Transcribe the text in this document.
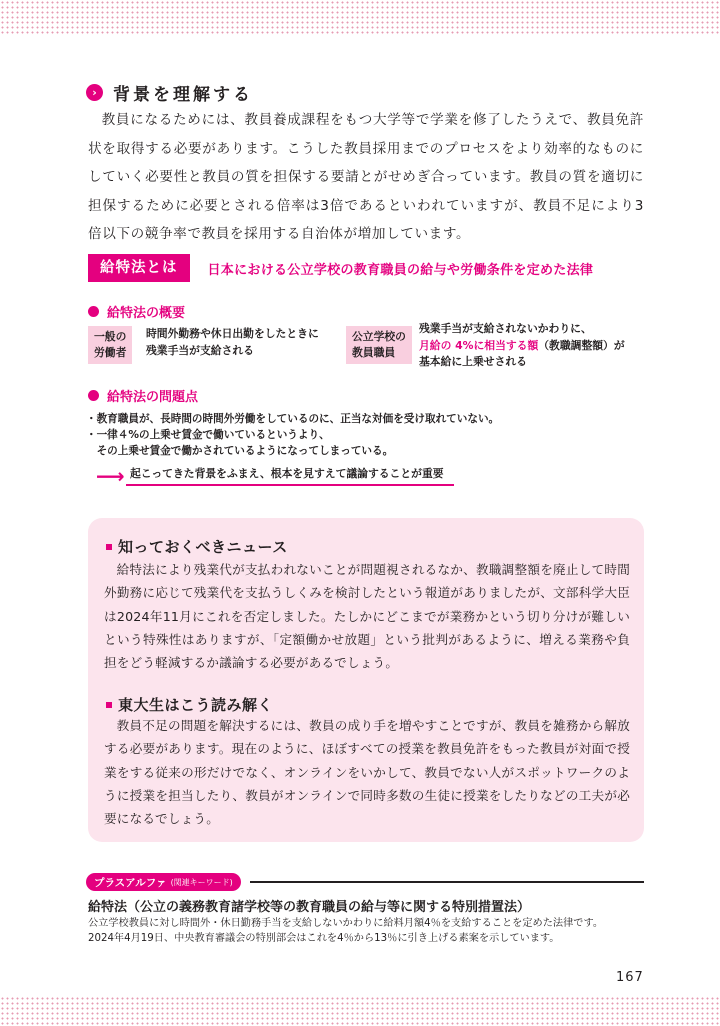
› 背景を理解する

教員になるためには、教員養成課程をもつ大学等で学業を修了したうえで、教員免許状を取得する必要があります。こうした教員採用までのプロセスをより効率的なものにしていく必要性と教員の質を担保する要請とがせめぎ合っています。教員の質を適切に担保するために必要とされる倍率は3倍であるといわれていますが、教員不足により3倍以下の競争率で教員を採用する自治体が増加しています。

給特法とは	日本における公立学校の教育職員の給与や労働条件を定めた法律
給特法の概要
一般の
労働者
時間外勤務や休日出勤をしたときに
残業手当が支給される
公立学校の
教員職員
残業手当が支給されないかわりに、
月給の 4%に相当する額（教職調整額）が
基本給に上乗せされる
給特法の問題点
・教育職員が、長時間の時間外労働をしているのに、正当な対価を受け取れていない。
・一律４%の上乗せ賃金で働いているというより、
　その上乗せ賃金で働かされているようになってしまっている。
⟶ 起こってきた背景をふまえ、根本を見すえて議論することが重要
知っておくべきニュース

給特法により残業代が支払われないことが問題視されるなか、教職調整額を廃止して時間外勤務に応じて残業代を支払うしくみを検討したという報道がありましたが、文部科学大臣は2024年11月にこれを否定しました。たしかにどこまでが業務かという切り分けが難しいという特殊性はありますが、「定額働かせ放題」という批判があるように、増える業務や負担をどう軽減するか議論する必要があるでしょう。

東大生はこう読み解く

教員不足の問題を解決するには、教員の成り手を増やすことですが、教員を雑務から解放する必要があります。現在のように、ほぼすべての授業を教員免許をもった教員が対面で授業をする従来の形だけでなく、オンラインをいかして、教員でない人がスポットワークのように授業を担当したり、教員がオンラインで同時多数の生徒に授業をしたりなどの工夫が必要になるでしょう。

プラスアルファ (関連キーワード)
給特法（公立の義務教育諸学校等の教育職員の給与等に関する特別措置法）

公立学校教員に対し時間外・休日勤務手当を支給しないかわりに給料月額4％を支給することを定めた法律です。

2024年4月19日、中央教育審議会の特別部会はこれを4％から13％に引き上げる素案を示しています。

167
